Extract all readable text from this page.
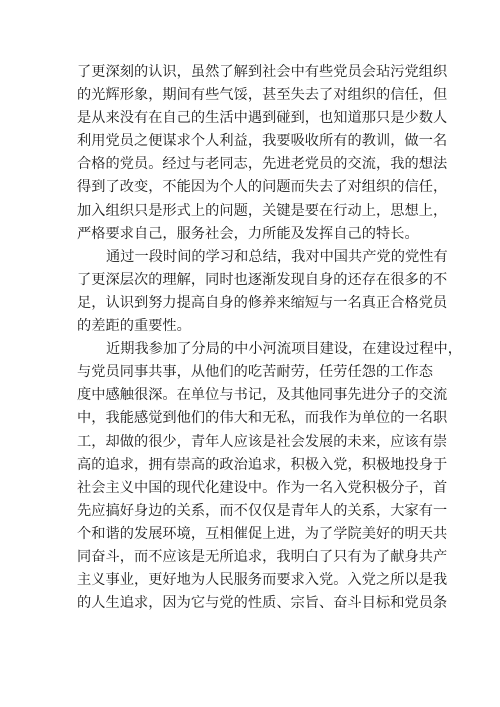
了更深刻的认识，虽然了解到社会中有些党员会玷污党组织
的光辉形象，期间有些气馁，甚至失去了对组织的信任，但
是从来没有在自己的生活中遇到碰到，也知道那只是少数人
利用党员之便谋求个人利益，我要吸收所有的教训，做一名
合格的党员。经过与老同志，先进老党员的交流，我的想法
得到了改变，不能因为个人的问题而失去了对组织的信任，
加入组织只是形式上的问题，关键是要在行动上，思想上，
严格要求自己，服务社会，力所能及发挥自己的特长。
通过一段时间的学习和总结，我对中国共产党的党性有
了更深层次的理解，同时也逐渐发现自身的还存在很多的不
足，认识到努力提高自身的修养来缩短与一名真正合格党员
的差距的重要性。
近期我参加了分局的中小河流项目建设，在建设过程中，
与党员同事共事，从他们的吃苦耐劳，任劳任怨的工作态
度中感触很深。在单位与书记，及其他同事先进分子的交流
中，我能感觉到他们的伟大和无私，而我作为单位的一名职
工，却做的很少，青年人应该是社会发展的未来，应该有崇
高的追求，拥有崇高的政治追求，积极入党，积极地投身于
社会主义中国的现代化建设中。作为一名入党积极分子，首
先应搞好身边的关系，而不仅仅是青年人的关系，大家有一
个和谐的发展环境，互相催促上进，为了学院美好的明天共
同奋斗，而不应该是无所追求，我明白了只有为了献身共产
主义事业，更好地为人民服务而要求入党。入党之所以是我
的人生追求，因为它与党的性质、宗旨、奋斗目标和党员条
